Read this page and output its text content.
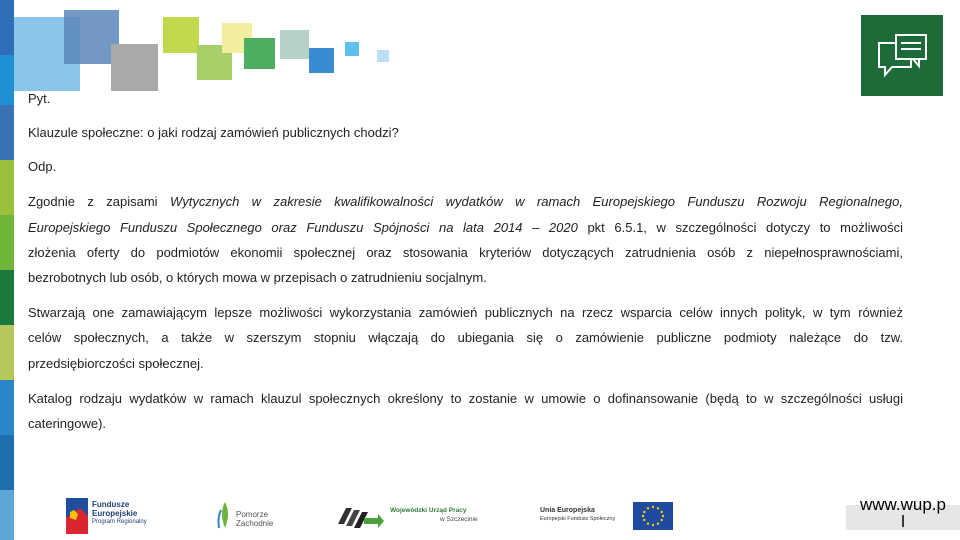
Pyt.
Klauzule społeczne: o jaki rodzaj zamówień publicznych chodzi?
Odp.
Zgodnie z zapisami Wytycznych w zakresie kwalifikowalności wydatków w ramach Europejskiego Funduszu Rozwoju Regionalnego,
Europejskiego Funduszu Społecznego oraz Funduszu Spójności na lata 2014 – 2020 pkt 6.5.1, w szczególności dotyczy to możliwości
złożenia oferty do podmiotów ekonomii społecznej oraz stosowania kryteriów dotyczących zatrudnienia osób z niepełnosprawnościami,
bezrobotnych lub osób, o których mowa w przepisach o zatrudnieniu socjalnym.
Stwarzają one zamawiającym lepsze możliwości wykorzystania zamówień publicznych na rzecz wsparcia celów innych polityk, w tym również
celów społecznych, a także w szerszym stopniu włączają do ubiegania się o zamówienie publiczne podmioty należące do tzw.
przedsiębiorczości społecznej.
Katalog rodzaju wydatków w ramach klauzul społecznych określony to zostanie w umowie o dofinansowanie (będą to w szczególności usługi
cateringowe).
Fundusze
Europejskie
Program Regionalny
Pomorze
Zachodnie
Wojewódzki Urząd Pracy
w Szczecinie
Unia Europejska
Europejski Fundusz Społeczny
www.wup.p
l
